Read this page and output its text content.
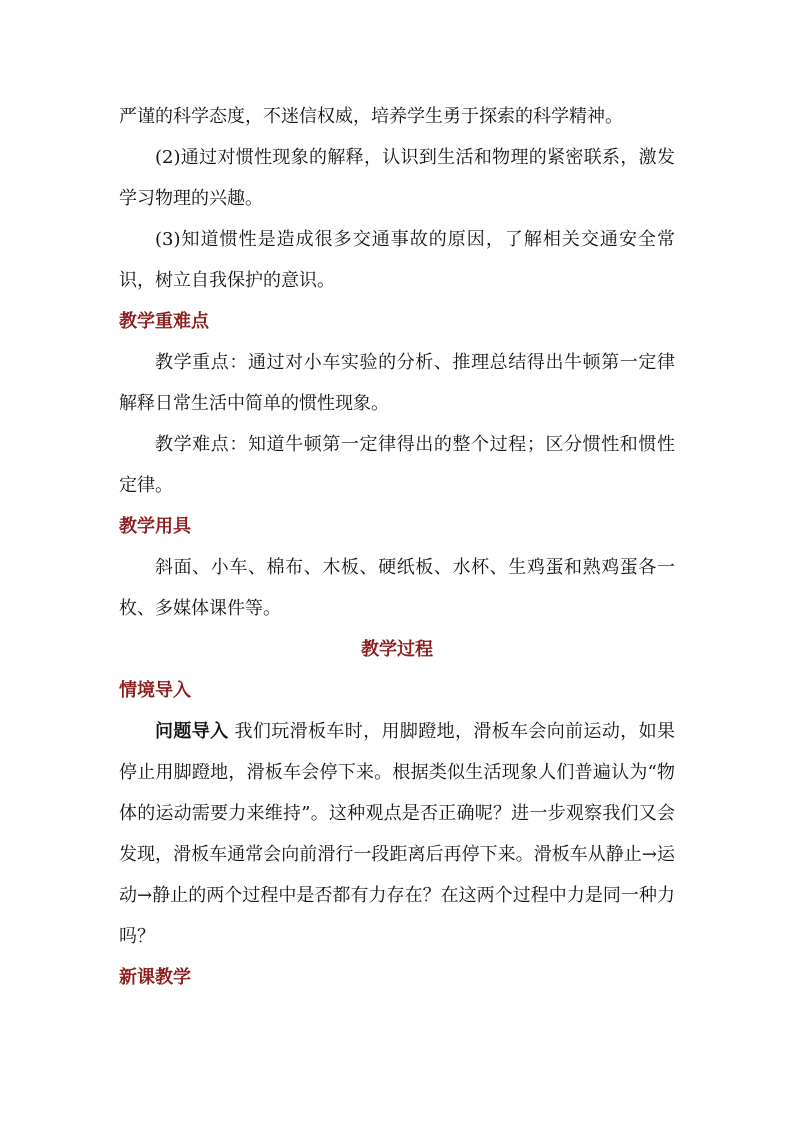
严谨的科学态度，不迷信权威，培养学生勇于探索的科学精神。

(2)通过对惯性现象的解释，认识到生活和物理的紧密联系，激发学习物理的兴趣。

(3)知道惯性是造成很多交通事故的原因，了解相关交通安全常识，树立自我保护的意识。

教学重难点

教学重点：通过对小车实验的分析、推理总结得出牛顿第一定律解释日常生活中简单的惯性现象。

教学难点：知道牛顿第一定律得出的整个过程；区分惯性和惯性定律。

教学用具

斜面、小车、棉布、木板、硬纸板、水杯、生鸡蛋和熟鸡蛋各一枚、多媒体课件等。

教学过程
情境导入

问题导入 我们玩滑板车时，用脚蹬地，滑板车会向前运动，如果停止用脚蹬地，滑板车会停下来。根据类似生活现象人们普遍认为“物体的运动需要力来维持”。这种观点是否正确呢？进一步观察我们又会发现，滑板车通常会向前滑行一段距离后再停下来。滑板车从静止→运动→静止的两个过程中是否都有力存在？在这两个过程中力是同一种力吗？

新课教学
